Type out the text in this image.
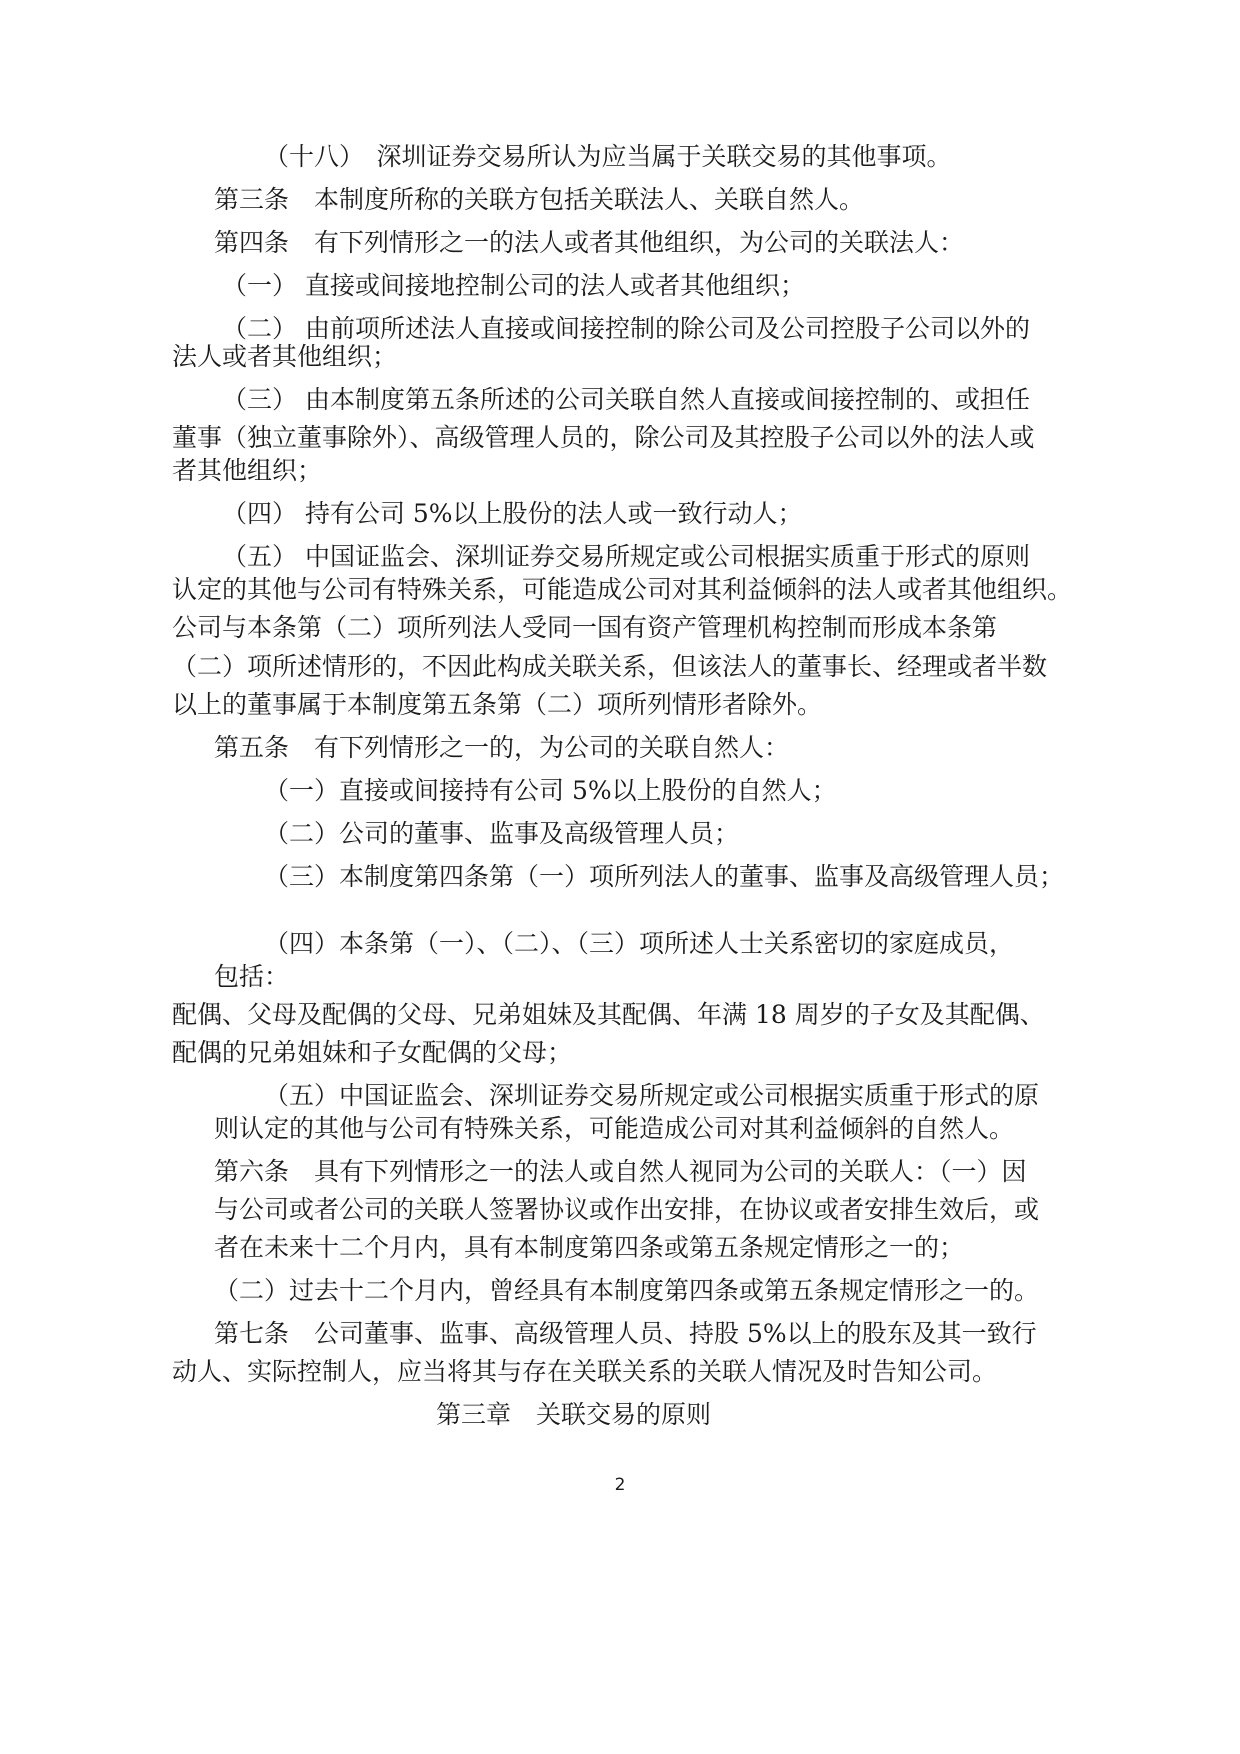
（十八）　深圳证券交易所认为应当属于关联交易的其他事项。
第三条　本制度所称的关联方包括关联法人、关联自然人。
第四条　有下列情形之一的法人或者其他组织，为公司的关联法人：
（一） 直接或间接地控制公司的法人或者其他组织；
（二） 由前项所述法人直接或间接控制的除公司及公司控股子公司以外的
法人或者其他组织；
（三） 由本制度第五条所述的公司关联自然人直接或间接控制的、或担任
董事（独立董事除外）、高级管理人员的，除公司及其控股子公司以外的法人或
者其他组织；
（四） 持有公司 5%以上股份的法人或一致行动人；
（五） 中国证监会、深圳证券交易所规定或公司根据实质重于形式的原则
认定的其他与公司有特殊关系，可能造成公司对其利益倾斜的法人或者其他组织。
公司与本条第（二）项所列法人受同一国有资产管理机构控制而形成本条第
（二）项所述情形的，不因此构成关联关系，但该法人的董事长、经理或者半数
以上的董事属于本制度第五条第（二）项所列情形者除外。
第五条　有下列情形之一的，为公司的关联自然人：
（一）直接或间接持有公司 5%以上股份的自然人；
（二）公司的董事、监事及高级管理人员；
（三）本制度第四条第（一）项所列法人的董事、监事及高级管理人员；
（四）本条第（一）、（二）、（三）项所述人士关系密切的家庭成员，
包括：
配偶、父母及配偶的父母、兄弟姐妹及其配偶、年满 18 周岁的子女及其配偶、
配偶的兄弟姐妹和子女配偶的父母；
（五）中国证监会、深圳证券交易所规定或公司根据实质重于形式的原
则认定的其他与公司有特殊关系，可能造成公司对其利益倾斜的自然人。
第六条　具有下列情形之一的法人或自然人视同为公司的关联人：（一）因
与公司或者公司的关联人签署协议或作出安排，在协议或者安排生效后，或
者在未来十二个月内，具有本制度第四条或第五条规定情形之一的；
（二）过去十二个月内，曾经具有本制度第四条或第五条规定情形之一的。
第七条　公司董事、监事、高级管理人员、持股 5%以上的股东及其一致行
动人、实际控制人，应当将其与存在关联关系的关联人情况及时告知公司。
第三章　关联交易的原则
2
